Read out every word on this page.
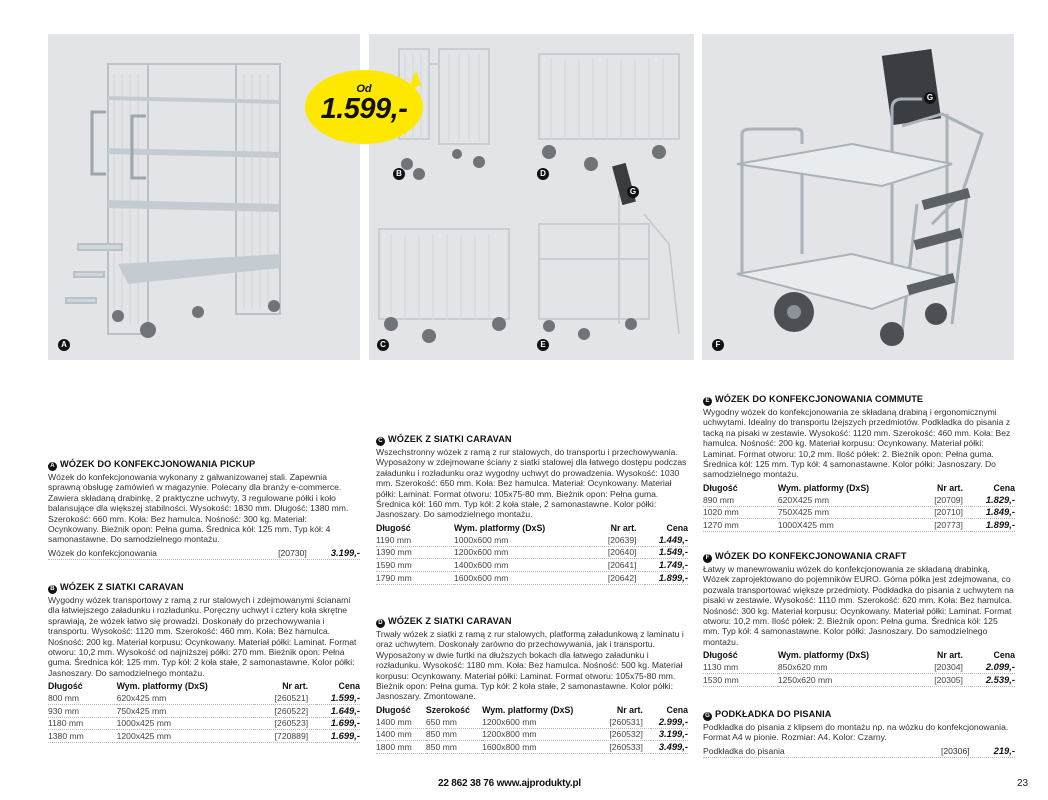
A
B	D
C	E
G
Od
1.599,-	G
F
A WÓZEK DO KONFEKCJONOWANIA PICKUP

Wózek do konfekcjonowania wykonany z galwanizowanej stali. Zapewnia sprawną obsługę zamówień w magazynie. Polecany dla branży e-commerce. Zawiera składaną drabinkę, 2 praktyczne uchwyty, 3 regulowane półki i koło balansujące dla większej stabilności. Wysokość: 1830 mm. Długość: 1380 mm. Szerokość: 660 mm. Koła: Bez hamulca. Nośność: 300 kg. Materiał: Ocynkowany. Bieżnik opon: Pełna guma. Średnica kół: 125 mm. Typ kół: 4 samonastawne. Do samodzielnego montażu.

Wózek do konfekcjonowania	[20730]	3.199,-
B WÓZEK Z SIATKI CARAVAN

Wygodny wózek transportowy z ramą z rur stalowych i zdejmowanymi ścianami dla łatwiejszego załadunku i rozładunku. Poręczny uchwyt i cztery koła skrętne sprawiają, że wózek łatwo się prowadzi. Doskonały do przechowywania i transportu. Wysokość: 1120 mm. Szerokość: 460 mm. Koła: Bez hamulca. Nośność: 200 kg. Materiał korpusu: Ocynkowany. Materiał półki: Laminat. Format otworu: 10,2 mm. Wysokość od najniższej półki: 270 mm. Bieżnik opon: Pełna guma. Średnica kół: 125 mm. Typ kół: 2 koła stałe, 2 samonastawne. Kolor półki: Jasnoszary. Do samodzielnego montażu.

Długość	Wym. platformy (DxS)	Nr art.	Cena
800 mm	620x425 mm	[260521]	1.599,-
930 mm	750x425 mm	[260522]	1.649,-
1180 mm	1000x425 mm	[260523]	1.699,-
1380 mm	1200x425 mm	[720889]	1.699,-
C WÓZEK Z SIATKI CARAVAN

Wszechstronny wózek z ramą z rur stalowych, do transportu i przechowywania. Wyposażony w zdejmowane ściany z siatki stalowej dla łatwego dostępu podczas załadunku i rozładunku oraz wygodny uchwyt do prowadzenia. Wysokość: 1030 mm. Szerokość: 650 mm. Koła: Bez hamulca. Materiał: Ocynkowany. Materiał półki: Laminat. Format otworu: 105x75-80 mm. Bieżnik opon: Pełna guma. Średnica kół: 160 mm. Typ kół: 2 koła stałe, 2 samonastawne. Kolor półki: Jasnoszary. Do samodzielnego montażu.

Długość	Wym. platformy (DxS)	Nr art.	Cena
1190 mm	1000x600 mm	[20639]	1.449,-
1390 mm	1200x600 mm	[20640]	1.549,-
1590 mm	1400x600 mm	[20641]	1.749,-
1790 mm	1600x600 mm	[20642]	1.899,-
D WÓZEK Z SIATKI CARAVAN

Trwały wózek z siatki z ramą z rur stalowych, platformą załadunkową z laminatu i oraz uchwytem. Doskonały zarówno do przechowywania, jak i transportu. Wyposażony w dwie furtki na dłuższych bokach dla łatwego załadunku i rozładunku. Wysokość: 1180 mm. Koła: Bez hamulca. Nośność: 500 kg. Materiał korpusu: Ocynkowany. Materiał półki: Laminat. Format otworu: 105x75-80 mm. Bieżnik opon: Pełna guma. Typ kół: 2 koła stałe, 2 samonastawne. Kolor półki: Jasnoszary. Zmontowane.

Długość	Szerokość	Wym. platformy (DxS)	Nr art.	Cena
1400 mm	650 mm	1200x600 mm	[260531]	2.999,-
1400 mm	850 mm	1200x800 mm	[260532]	3.199,-
1800 mm	850 mm	1600x800 mm	[260533]	3.499,-
E WÓZEK DO KONFEKCJONOWANIA COMMUTE

Wygodny wózek do konfekcjonowania ze składaną drabiną i ergonomicznymi uchwytami. Idealny do transportu lżejszych przedmiotów. Podkładka do pisania z tacką na pisaki w zestawie. Wysokość: 1120 mm. Szerokość: 460 mm. Koła: Bez hamulca. Nośność: 200 kg. Materiał korpusu: Ocynkowany. Materiał półki: Laminat. Format otworu: 10,2 mm. Ilość półek: 2. Bieżnik opon: Pełna guma. Średnica kół: 125 mm. Typ kół: 4 samonastawne. Kolor półki: Jasnoszary. Do samodzielnego montażu.

Długość	Wym. platformy (DxS)	Nr art.	Cena
890 mm	620X425 mm	[20709]	1.829,-
1020 mm	750X425 mm	[20710]	1.849,-
1270 mm	1000X425 mm	[20773]	1.899,-
F WÓZEK DO KONFEKCJONOWANIA CRAFT

Łatwy w manewrowaniu wózek do konfekcjonowania ze składaną drabinką. Wózek zaprojektowano do pojemników EURO. Górna półka jest zdejmowana, co pozwala transportować większe przedmioty. Podkładka do pisania z uchwytem na pisaki w zestawie. Wysokość: 1110 mm. Szerokość: 620 mm. Koła: Bez hamulca. Nośność: 300 kg. Materiał korpusu: Ocynkowany. Materiał półki: Laminat. Format otworu: 10,2 mm. Ilość półek: 2. Bieżnik opon: Pełna guma. Średnica kół: 125 mm. Typ kół: 4 samonastawne. Kolor półki: Jasnoszary. Do samodzielnego montażu.

Długość	Wym. platformy (DxS)	Nr art.	Cena
1130 mm	850x620 mm	[20304]	2.099,-
1530 mm	1250x620 mm	[20305]	2.539,-
G PODKŁADKA DO PISANIA

Podkładka do pisania z klipsem do montażu np. na wózku do konfekcjonowania. Format A4 w pionie. Rozmiar: A4. Kolor: Czarny.

Podkładka do pisania	[20306]	219,-
22 862 38 76 www.ajprodukty.pl	23
